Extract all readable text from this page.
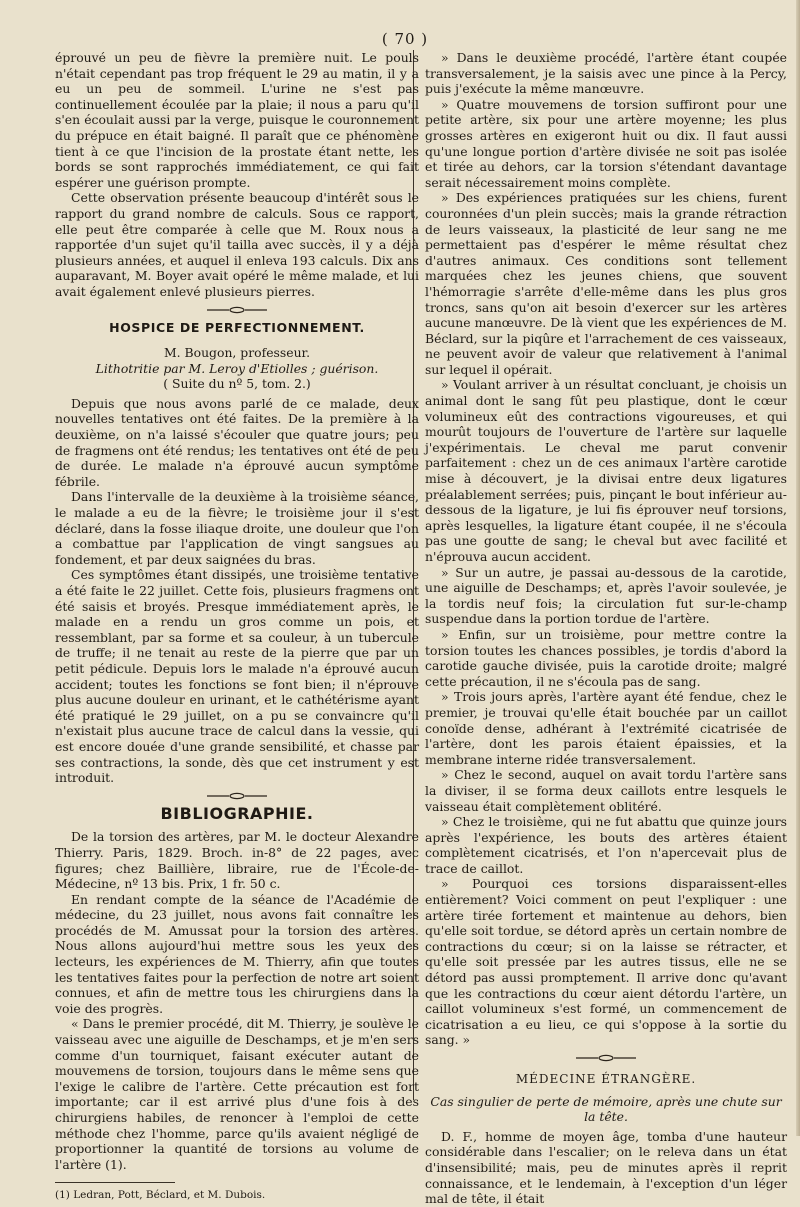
( 70 )

éprouvé un peu de fièvre la première nuit. Le pouls n'était cependant pas trop fréquent le 29 au matin, il y a eu un peu de sommeil. L'urine ne s'est pas continuellement écoulée par la plaie; il nous a paru qu'il s'en écoulait aussi par la verge, puisque le couronnement du prépuce en était baigné. Il paraît que ce phénomène tient à ce que l'incision de la prostate étant nette, les bords se sont rapprochés immédiatement, ce qui fait espérer une guérison prompte.

Cette observation présente beaucoup d'intérêt sous le rapport du grand nombre de calculs. Sous ce rapport, elle peut être comparée à celle que M. Roux nous a rapportée d'un sujet qu'il tailla avec succès, il y a déjà plusieurs années, et auquel il enleva 193 calculs. Dix ans auparavant, M. Boyer avait opéré le même malade, et lui avait également enlevé plusieurs pierres.

HOSPICE DE PERFECTIONNEMENT.

M. Bougon, professeur.

Lithotritie par M. Leroy d'Etiolles ; guérison.

( Suite du nº 5, tom. 2.)

Depuis que nous avons parlé de ce malade, deux nouvelles tentatives ont été faites. De la première à la deuxième, on n'a laissé s'écouler que quatre jours; peu de fragmens ont été rendus; les tentatives ont été de peu de durée. Le malade n'a éprouvé aucun symptôme fébrile.

Dans l'intervalle de la deuxième à la troisième séance, le malade a eu de la fièvre; le troisième jour il s'est déclaré, dans la fosse iliaque droite, une douleur que l'on a combattue par l'application de vingt sangsues au fondement, et par deux saignées du bras.

Ces symptômes étant dissipés, une troisième tentative a été faite le 22 juillet. Cette fois, plusieurs fragmens ont été saisis et broyés. Presque immédiatement après, le malade en a rendu un gros comme un pois, et ressemblant, par sa forme et sa couleur, à un tubercule de truffe; il ne tenait au reste de la pierre que par un petit pédicule. Depuis lors le malade n'a éprouvé aucun accident; toutes les fonctions se font bien; il n'éprouve plus aucune douleur en urinant, et le cathétérisme ayant été pratiqué le 29 juillet, on a pu se convaincre qu'il n'existait plus aucune trace de calcul dans la vessie, qui est encore douée d'une grande sensibilité, et chasse par ses contractions, la sonde, dès que cet instrument y est introduit.

BIBLIOGRAPHIE.

De la torsion des artères, par M. le docteur Alexandre Thierry. Paris, 1829. Broch. in-8° de 22 pages, avec figures; chez Baillière, libraire, rue de l'École-de-Médecine, nº 13 bis. Prix, 1 fr. 50 c.

En rendant compte de la séance de l'Académie de médecine, du 23 juillet, nous avons fait connaître les procédés de M. Amussat pour la torsion des artères. Nous allons aujourd'hui mettre sous les yeux des lecteurs, les expériences de M. Thierry, afin que toutes les tentatives faites pour la perfection de notre art soient connues, et afin de mettre tous les chirurgiens dans la voie des progrès.

« Dans le premier procédé, dit M. Thierry, je soulève le vaisseau avec une aiguille de Deschamps, et je m'en sers comme d'un tourniquet, faisant exécuter autant de mouvemens de torsion, toujours dans le même sens que l'exige le calibre de l'artère. Cette précaution est fort importante; car il est arrivé plus d'une fois à des chirurgiens habiles, de renoncer à l'emploi de cette méthode chez l'homme, parce qu'ils avaient négligé de proportionner la quantité de torsions au volume de l'artère (1).

(1) Ledran, Pott, Béclard, et M. Dubois.

» Dans le deuxième procédé, l'artère étant coupée transversalement, je la saisis avec une pince à la Percy, puis j'exécute la même manœuvre.

» Quatre mouvemens de torsion suffiront pour une petite artère, six pour une artère moyenne; les plus grosses artères en exigeront huit ou dix. Il faut aussi qu'une longue portion d'artère divisée ne soit pas isolée et tirée au dehors, car la torsion s'étendant davantage serait nécessairement moins complète.

» Des expériences pratiquées sur les chiens, furent couronnées d'un plein succès; mais la grande rétraction de leurs vaisseaux, la plasticité de leur sang ne me permettaient pas d'espérer le même résultat chez d'autres animaux. Ces conditions sont tellement marquées chez les jeunes chiens, que souvent l'hémorragie s'arrête d'elle-même dans les plus gros troncs, sans qu'on ait besoin d'exercer sur les artères aucune manœuvre. De là vient que les expériences de M. Béclard, sur la piqûre et l'arrachement de ces vaisseaux, ne peuvent avoir de valeur que relativement à l'animal sur lequel il opérait.

» Voulant arriver à un résultat concluant, je choisis un animal dont le sang fût peu plastique, dont le cœur volumineux eût des contractions vigoureuses, et qui mourût toujours de l'ouverture de l'artère sur laquelle j'expérimentais. Le cheval me parut convenir parfaitement : chez un de ces animaux l'artère carotide mise à découvert, je la divisai entre deux ligatures préalablement serrées; puis, pinçant le bout inférieur au-dessous de la ligature, je lui fis éprouver neuf torsions, après lesquelles, la ligature étant coupée, il ne s'écoula pas une goutte de sang; le cheval but avec facilité et n'éprouva aucun accident.

» Sur un autre, je passai au-dessous de la carotide, une aiguille de Deschamps; et, après l'avoir soulevée, je la tordis neuf fois; la circulation fut sur-le-champ suspendue dans la portion tordue de l'artère.

» Enfin, sur un troisième, pour mettre contre la torsion toutes les chances possibles, je tordis d'abord la carotide gauche divisée, puis la carotide droite; malgré cette précaution, il ne s'écoula pas de sang.

» Trois jours après, l'artère ayant été fendue, chez le premier, je trouvai qu'elle était bouchée par un caillot conoïde dense, adhérant à l'extrémité cicatrisée de l'artère, dont les parois étaient épaissies, et la membrane interne ridée transversalement.

» Chez le second, auquel on avait tordu l'artère sans la diviser, il se forma deux caillots entre lesquels le vaisseau était complètement oblitéré.

» Chez le troisième, qui ne fut abattu que quinze jours après l'expérience, les bouts des artères étaient complètement cicatrisés, et l'on n'apercevait plus de trace de caillot.

» Pourquoi ces torsions disparaissent-elles entièrement? Voici comment on peut l'expliquer : une artère tirée fortement et maintenue au dehors, bien qu'elle soit tordue, se détord après un certain nombre de contractions du cœur; si on la laisse se rétracter, et qu'elle soit pressée par les autres tissus, elle ne se détord pas aussi promptement. Il arrive donc qu'avant que les contractions du cœur aient détordu l'artère, un caillot volumineux s'est formé, un commencement de cicatrisation a eu lieu, ce qui s'oppose à la sortie du sang. »

MÉDECINE ÉTRANGÈRE.

Cas singulier de perte de mémoire, après une chute sur la tête.

D. F., homme de moyen âge, tomba d'une hauteur considérable dans l'escalier; on le releva dans un état d'insensibilité; mais, peu de minutes après il reprit connaissance, et le lendemain, à l'exception d'un léger mal de tête, il était
